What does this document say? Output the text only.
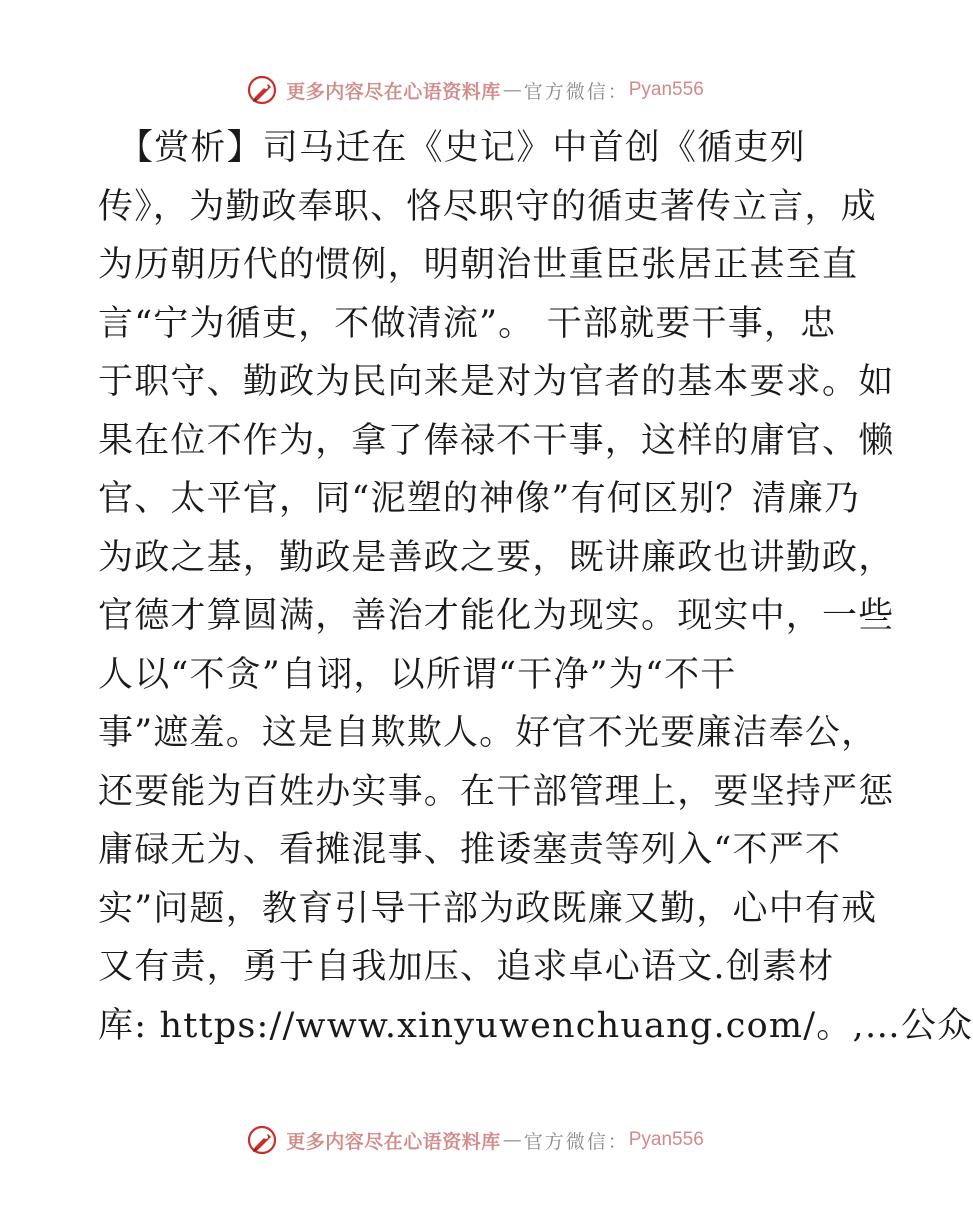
更多内容尽在心语资料库 — 官方微信： Pyan556
【赏析】司马迁在《史记》中首创《循吏列
传》，为勤政奉职、恪尽职守的循吏著传立言，成
为历朝历代的惯例，明朝治世重臣张居正甚至直
言“宁为循吏，不做清流”。 干部就要干事，忠
于职守、勤政为民向来是对为官者的基本要求。如
果在位不作为，拿了俸禄不干事，这样的庸官、懒
官、太平官，同“泥塑的神像”有何区别？清廉乃
为政之基，勤政是善政之要，既讲廉政也讲勤政，
官德才算圆满，善治才能化为现实。现实中，一些
人以“不贪”自诩，以所谓“干净”为“不干
事”遮羞。这是自欺欺人。好官不光要廉洁奉公，
还要能为百姓办实事。在干部管理上，要坚持严惩
庸碌无为、看摊混事、推诿塞责等列入“不严不
实”问题，教育引导干部为政既廉又勤，心中有戒
又有责，勇于自我加压、追求卓心语文.创素材
库: https://www.xinyuwenchuang.com/。,…公众
更多内容尽在心语资料库 — 官方微信： Pyan556
